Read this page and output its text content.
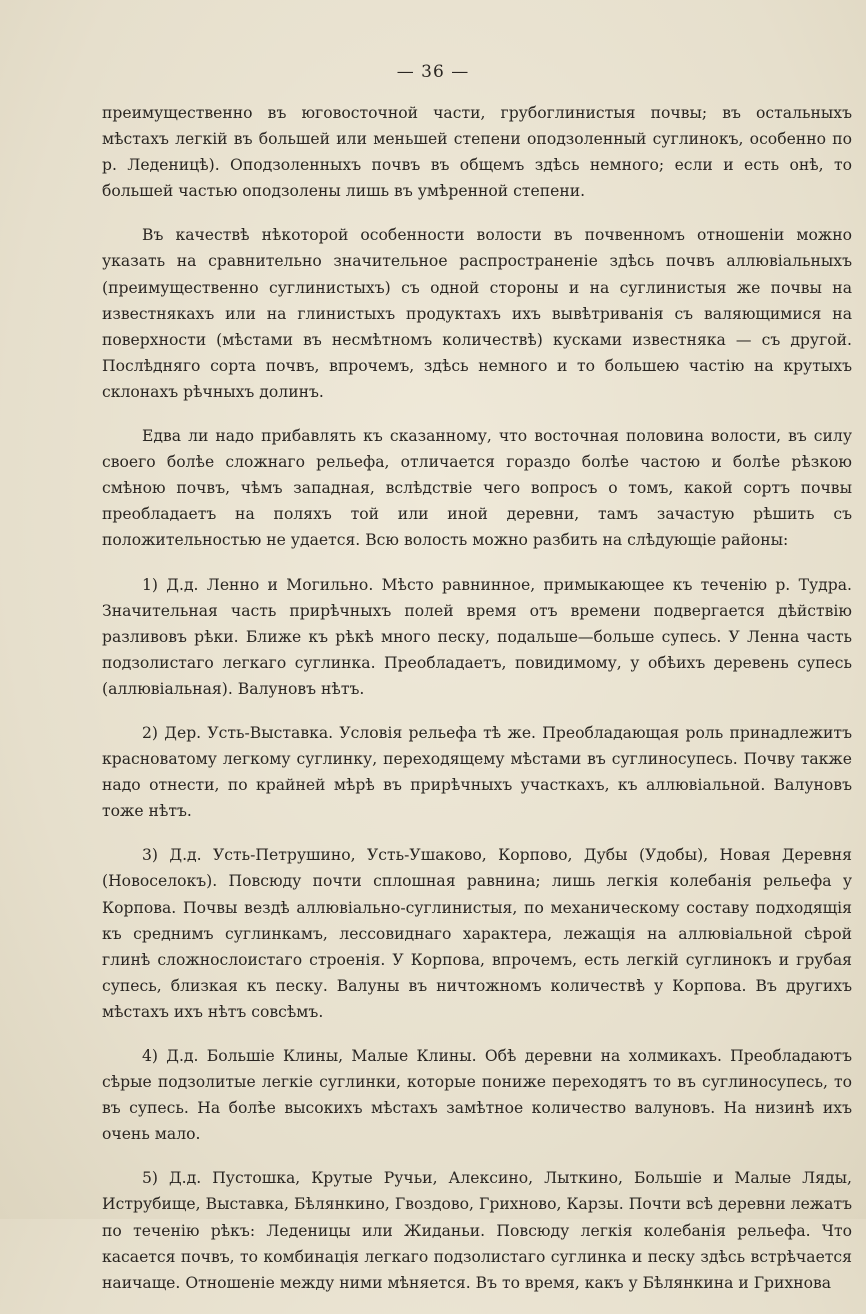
— 36 —

преимущественно въ юговосточной части, грубоглинистыя почвы; въ остальныхъ мѣстахъ легкій въ большей или меньшей степени оподзоленный суглинокъ, особенно по р. Леденицѣ). Оподзоленныхъ почвъ въ общемъ здѣсь немного; если и есть онѣ, то большей частью оподзолены лишь въ умѣренной степени.

Въ качествѣ нѣкоторой особенности волости въ почвенномъ отношеніи можно указать на сравнительно значительное распространеніе здѣсь почвъ аллювіальныхъ (преимущественно суглинистыхъ) съ одной стороны и на суглинистыя же почвы на известнякахъ или на глинистыхъ продуктахъ ихъ вывѣтриванія съ валяющимися на поверхности (мѣстами въ несмѣтномъ количествѣ) кусками известняка — съ другой. Послѣдняго сорта почвъ, впрочемъ, здѣсь немного и то большею частію на крутыхъ склонахъ рѣчныхъ долинъ.

Едва ли надо прибавлять къ сказанному, что восточная половина волости, въ силу своего болѣе сложнаго рельефа, отличается гораздо болѣе частою и болѣе рѣзкою смѣною почвъ, чѣмъ западная, вслѣдствіе чего вопросъ о томъ, какой сортъ почвы преобладаетъ на поляхъ той или иной деревни, тамъ зачастую рѣшить съ положительностью не удается. Всю волость можно разбить на слѣдующіе районы:

1) Д.д. Ленно и Могильно. Мѣсто равнинное, примыкающее къ теченію р. Тудра. Значительная часть прирѣчныхъ полей время отъ времени подвергается дѣйствію разливовъ рѣки. Ближе къ рѣкѣ много песку, подальше—больше супесь. У Ленна часть подзолистаго легкаго суглинка. Преобладаетъ, повидимому, у обѣихъ деревень супесь (аллювіальная). Валуновъ нѣтъ.

2) Дер. Усть-Выставка. Условія рельефа тѣ же. Преобладающая роль принадлежитъ красноватому легкому суглинку, переходящему мѣстами въ суглиносупесь. Почву также надо отнести, по крайней мѣрѣ въ прирѣчныхъ участкахъ, къ аллювіальной. Валуновъ тоже нѣтъ.

3) Д.д. Усть-Петрушино, Усть-Ушаково, Корпово, Дубы (Удобы), Новая Деревня (Новоселокъ). Повсюду почти сплошная равнина; лишь легкія колебанія рельефа у Корпова. Почвы вездѣ аллювіально-суглинистыя, по механическому составу подходящія къ среднимъ суглинкамъ, лессовиднаго характера, лежащія на аллювіальной сѣрой глинѣ сложнослоистаго строенія. У Корпова, впрочемъ, есть легкій суглинокъ и грубая супесь, близкая къ песку. Валуны въ ничтожномъ количествѣ у Корпова. Въ другихъ мѣстахъ ихъ нѣтъ совсѣмъ.

4) Д.д. Большіе Клины, Малые Клины. Обѣ деревни на холмикахъ. Преобладаютъ сѣрые подзолитые легкіе суглинки, которые пониже переходятъ то въ суглиносупесь, то въ супесь. На болѣе высокихъ мѣстахъ замѣтное количество валуновъ. На низинѣ ихъ очень мало.

5) Д.д. Пустошка, Крутые Ручьи, Алексино, Лыткино, Большіе и Малые Ляды, Иструбище, Выставка, Бѣлянкино, Гвоздово, Грихново, Карзы. Почти всѣ деревни лежатъ по теченію рѣкъ: Леденицы или Жиданьи. Повсюду легкія колебанія рельефа. Что касается почвъ, то комбинація легкаго подзолистаго суглинка и песку здѣсь встрѣчается наичаще. Отношеніе между ними мѣняется. Въ то время, какъ у Бѣлянкина и Грихнова
